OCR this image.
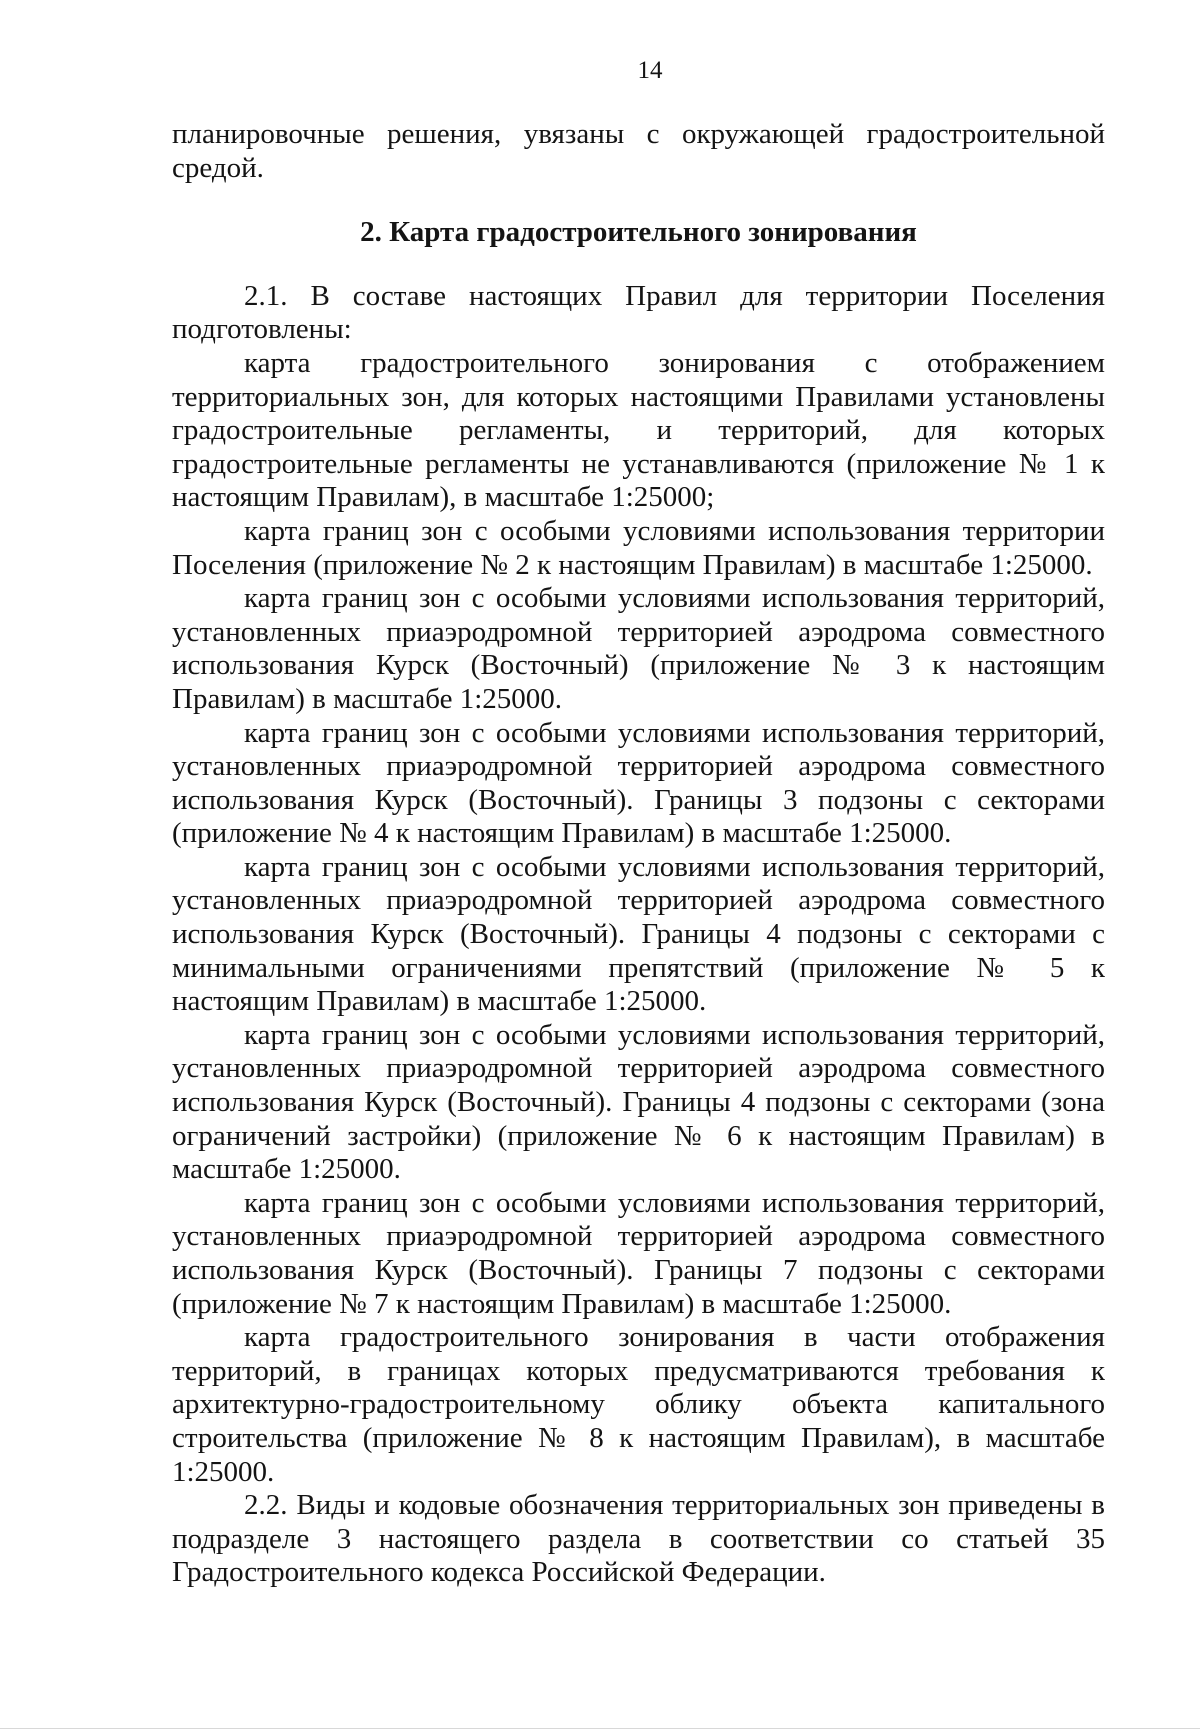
14

планировочные решения, увязаны с окружающей градостроительной средой.

2. Карта градостроительного зонирования

2.1. В составе настоящих Правил для территории Поселения подготовлены:

карта градостроительного зонирования с отображением территориальных зон, для которых настоящими Правилами установлены градостроительные регламенты, и территорий, для которых градостроительные регламенты не устанавливаются (приложение № 1 к настоящим Правилам), в масштабе 1:25000;

карта границ зон с особыми условиями использования территории Поселения (приложение № 2 к настоящим Правилам) в масштабе 1:25000.

карта границ зон с особыми условиями использования территорий, установленных приаэродромной территорией аэродрома совместного использования Курск (Восточный) (приложение № 3 к настоящим Правилам) в масштабе 1:25000.

карта границ зон с особыми условиями использования территорий, установленных приаэродромной территорией аэродрома совместного использования Курск (Восточный). Границы 3 подзоны с секторами (приложение № 4 к настоящим Правилам) в масштабе 1:25000.

карта границ зон с особыми условиями использования территорий, установленных приаэродромной территорией аэродрома совместного использования Курск (Восточный). Границы 4 подзоны с секторами с минимальными ограничениями препятствий (приложение № 5 к настоящим Правилам) в масштабе 1:25000.

карта границ зон с особыми условиями использования территорий, установленных приаэродромной территорией аэродрома совместного использования Курск (Восточный). Границы 4 подзоны с секторами (зона ограничений застройки) (приложение № 6 к настоящим Правилам) в масштабе 1:25000.

карта границ зон с особыми условиями использования территорий, установленных приаэродромной территорией аэродрома совместного использования Курск (Восточный). Границы 7 подзоны с секторами (приложение № 7 к настоящим Правилам) в масштабе 1:25000.

карта градостроительного зонирования в части отображения территорий, в границах которых предусматриваются требования к архитектурно-градостроительному облику объекта капитального строительства (приложение № 8 к настоящим Правилам), в масштабе 1:25000.

2.2. Виды и кодовые обозначения территориальных зон приведены в подразделе 3 настоящего раздела в соответствии со статьей 35 Градостроительного кодекса Российской Федерации.
